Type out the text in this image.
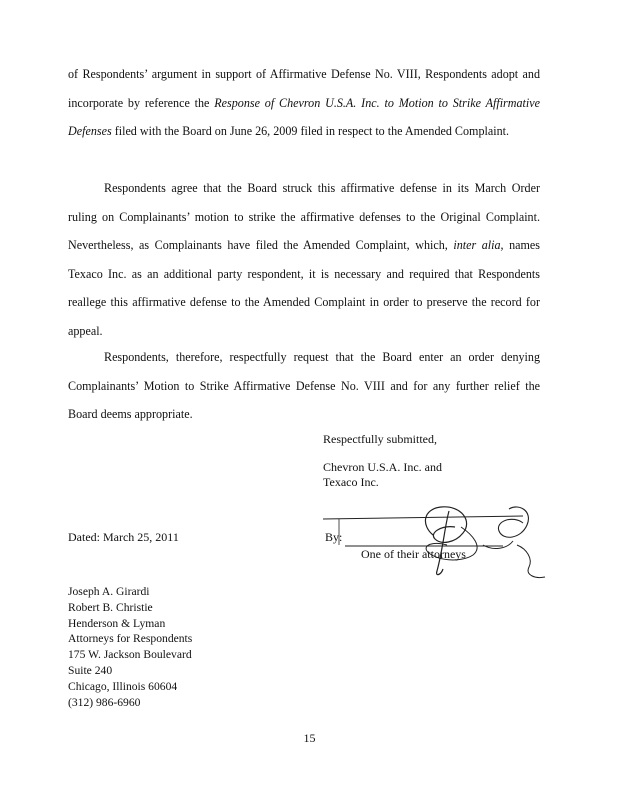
of Respondents’ argument in support of Affirmative Defense No. VIII, Respondents adopt and incorporate by reference the Response of Chevron U.S.A. Inc. to Motion to Strike Affirmative Defenses filed with the Board on June 26, 2009 filed in respect to the Amended Complaint.

Respondents agree that the Board struck this affirmative defense in its March Order ruling on Complainants’ motion to strike the affirmative defenses to the Original Complaint. Nevertheless, as Complainants have filed the Amended Complaint, which, inter alia, names Texaco Inc. as an additional party respondent, it is necessary and required that Respondents reallege this affirmative defense to the Amended Complaint in order to preserve the record for appeal.

Respondents, therefore, respectfully request that the Board enter an order denying Complainants’ Motion to Strike Affirmative Defense No. VIII and for any further relief the Board deems appropriate.

Respectfully submitted,
Chevron U.S.A. Inc. and
Texaco Inc.
Dated: March 25, 2011	By:
One of their attorneys
Joseph A. Girardi
Robert B. Christie
Henderson & Lyman
Attorneys for Respondents
175 W. Jackson Boulevard
Suite 240
Chicago, Illinois 60604
(312) 986-6960
15
